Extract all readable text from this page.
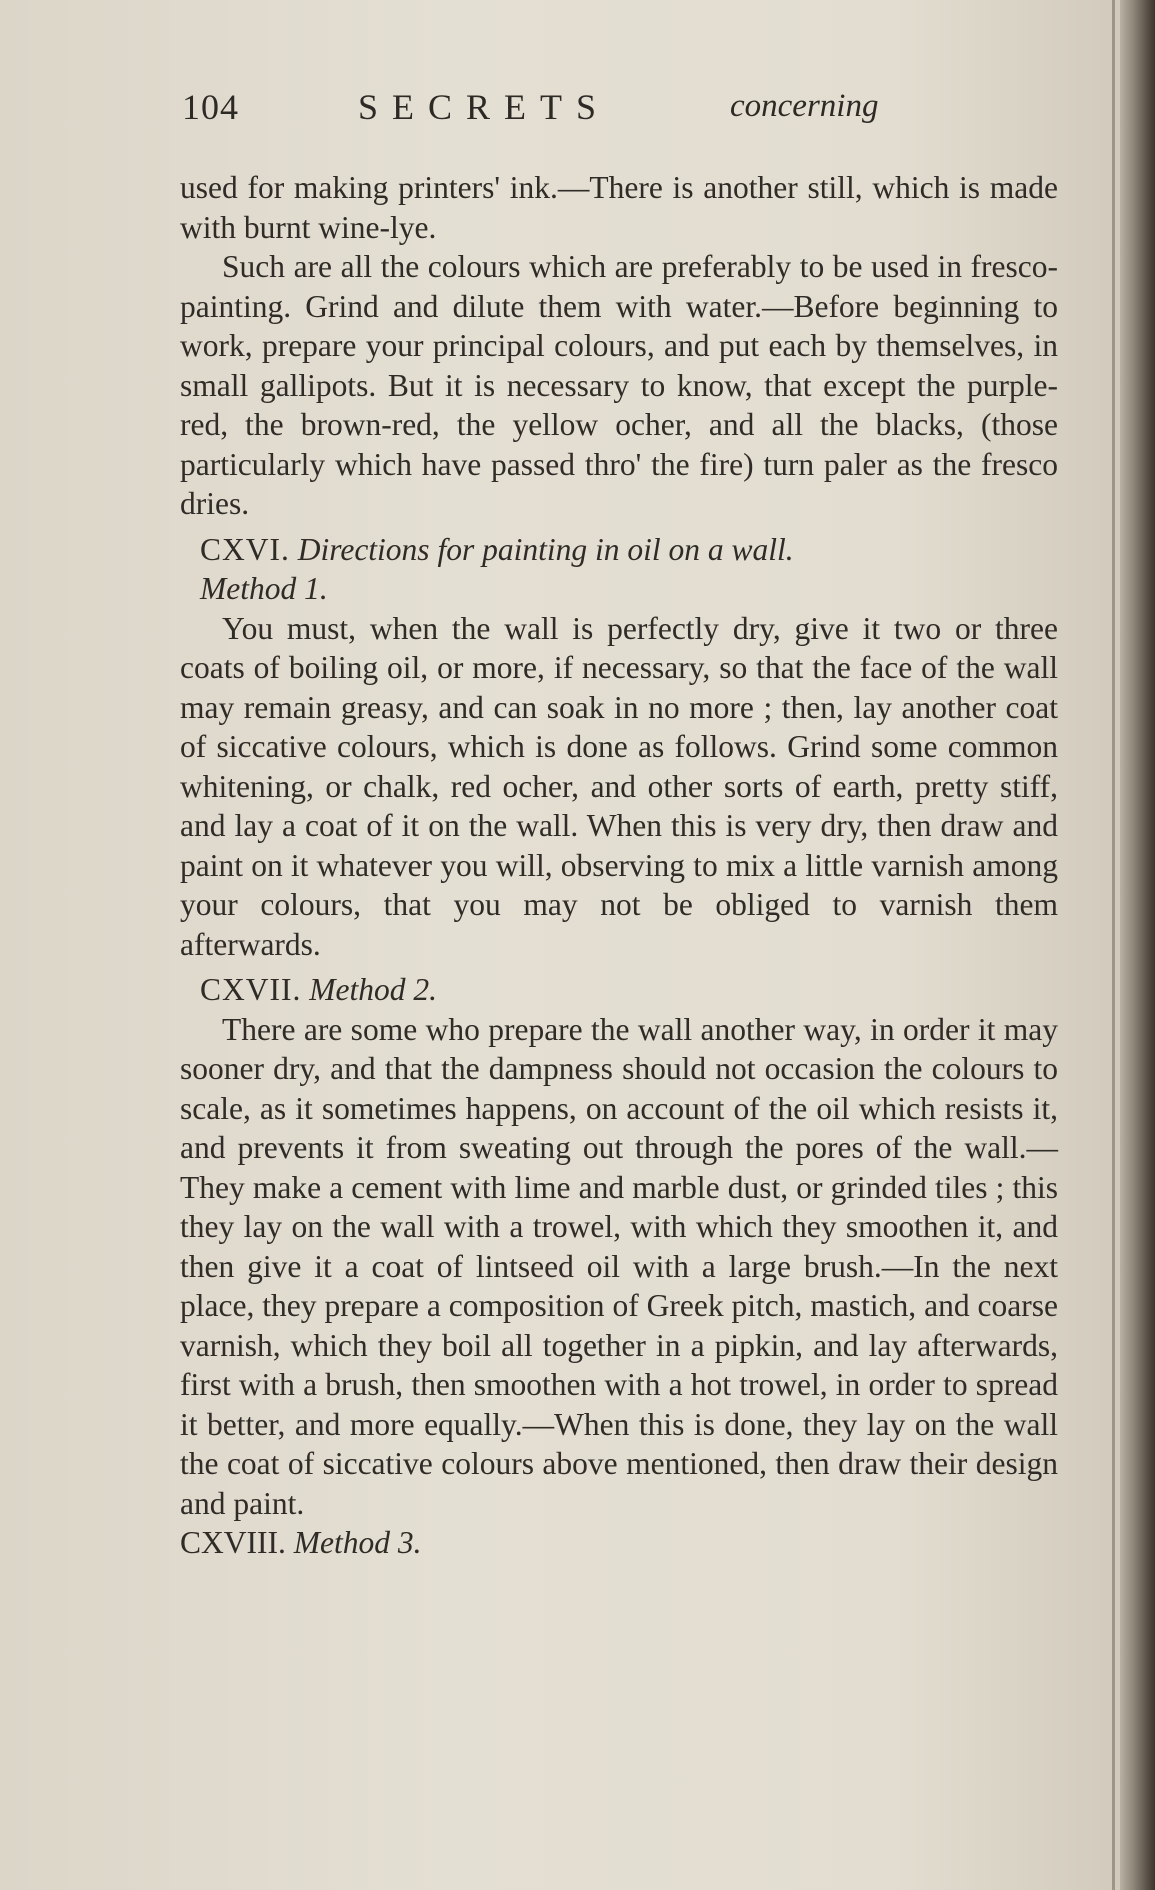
104	SECRETS	concerning

used for making printers' ink.—There is another still, which is made with burnt wine-lye.

Such are all the colours which are preferably to be used in fresco-painting. Grind and dilute them with water.—Before beginning to work, prepare your principal colours, and put each by themselves, in small gallipots. But it is necessary to know, that except the purple-red, the brown-red, the yellow ocher, and all the blacks, (those particularly which have passed thro' the fire) turn paler as the fresco dries.

CXVI. Directions for painting in oil on a wall.

Method 1.

You must, when the wall is perfectly dry, give it two or three coats of boiling oil, or more, if necessary, so that the face of the wall may remain greasy, and can soak in no more ; then, lay another coat of siccative colours, which is done as follows. Grind some common whitening, or chalk, red ocher, and other sorts of earth, pretty stiff, and lay a coat of it on the wall. When this is very dry, then draw and paint on it whatever you will, observing to mix a little varnish among your colours, that you may not be obliged to varnish them afterwards.

CXVII. Method 2.

There are some who prepare the wall another way, in order it may sooner dry, and that the dampness should not occasion the colours to scale, as it sometimes happens, on account of the oil which resists it, and prevents it from sweating out through the pores of the wall.—They make a cement with lime and marble dust, or grinded tiles ; this they lay on the wall with a trowel, with which they smoothen it, and then give it a coat of lintseed oil with a large brush.—In the next place, they prepare a composition of Greek pitch, mastich, and coarse varnish, which they boil all together in a pipkin, and lay afterwards, first with a brush, then smoothen with a hot trowel, in order to spread it better, and more equally.—When this is done, they lay on the wall the coat of siccative colours above mentioned, then draw their design and paint.

CXVIII. Method 3.
